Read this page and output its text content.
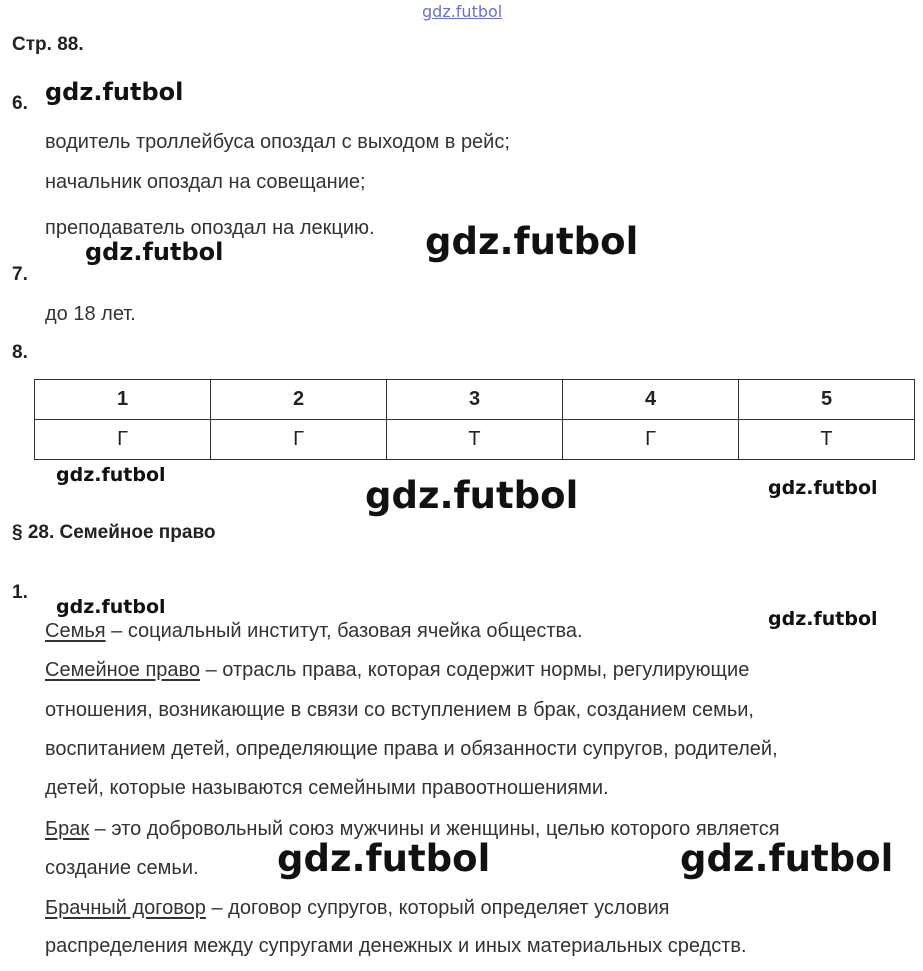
gdz.futbol
Стр. 88.
6. gdz.futbol
водитель троллейбуса опоздал с выходом в рейс;
начальник опоздал на совещание;
преподаватель опоздал на лекцию. gdz.futbol
gdz.futbol
7.
до 18 лет.
8.
1	2	3	4	5
Г	Г	Т	Г	Т
gdz.futbol	gdz.futbol	gdz.futbol
§ 28. Семейное право
1.
gdz.futbol
gdz.futbol
Семья – социальный институт, базовая ячейка общества.
Семейное право – отрасль права, которая содержит нормы, регулирующие
отношения, возникающие в связи со вступлением в брак, созданием семьи,
воспитанием детей, определяющие права и обязанности супругов, родителей,
детей, которые называются семейными правоотношениями.
Брак – это добровольный союз мужчины и женщины, целью которого является
создание семьи. gdz.futbol	gdz.futbol
Брачный договор – договор супругов, который определяет условия
распределения между супругами денежных и иных материальных средств.
